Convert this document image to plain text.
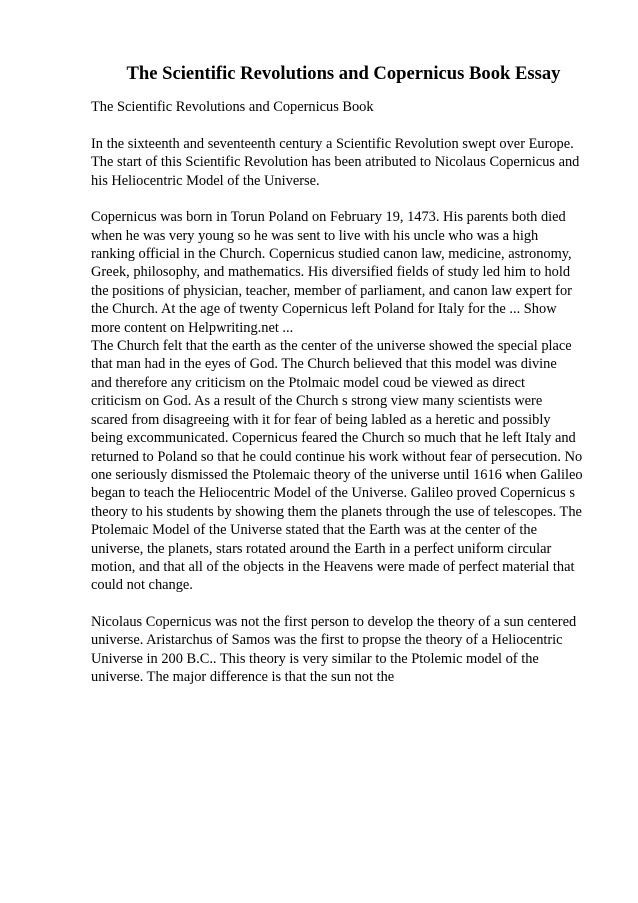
The Scientific Revolutions and Copernicus Book Essay
The Scientific Revolutions and Copernicus Book
In the sixteenth and seventeenth century a Scientific Revolution swept over Europe.
The start of this Scientific Revolution has been atributed to Nicolaus Copernicus and
his Heliocentric Model of the Universe.
Copernicus was born in Torun Poland on February 19, 1473. His parents both died
when he was very young so he was sent to live with his uncle who was a high
ranking official in the Church. Copernicus studied canon law, medicine, astronomy,
Greek, philosophy, and mathematics. His diversified fields of study led him to hold
the positions of physician, teacher, member of parliament, and canon law expert for
the Church. At the age of twenty Copernicus left Poland for Italy for the ... Show
more content on Helpwriting.net ...
The Church felt that the earth as the center of the universe showed the special place
that man had in the eyes of God. The Church believed that this model was divine
and therefore any criticism on the Ptolmaic model coud be viewed as direct
criticism on God. As a result of the Church s strong view many scientists were
scared from disagreeing with it for fear of being labled as a heretic and possibly
being excommunicated. Copernicus feared the Church so much that he left Italy and
returned to Poland so that he could continue his work without fear of persecution. No
one seriously dismissed the Ptolemaic theory of the universe until 1616 when Galileo
began to teach the Heliocentric Model of the Universe. Galileo proved Copernicus s
theory to his students by showing them the planets through the use of telescopes. The
Ptolemaic Model of the Universe stated that the Earth was at the center of the
universe, the planets, stars rotated around the Earth in a perfect uniform circular
motion, and that all of the objects in the Heavens were made of perfect material that
could not change.
Nicolaus Copernicus was not the first person to develop the theory of a sun centered
universe. Aristarchus of Samos was the first to propse the theory of a Heliocentric
Universe in 200 B.C.. This theory is very similar to the Ptolemic model of the
universe. The major difference is that the sun not the
